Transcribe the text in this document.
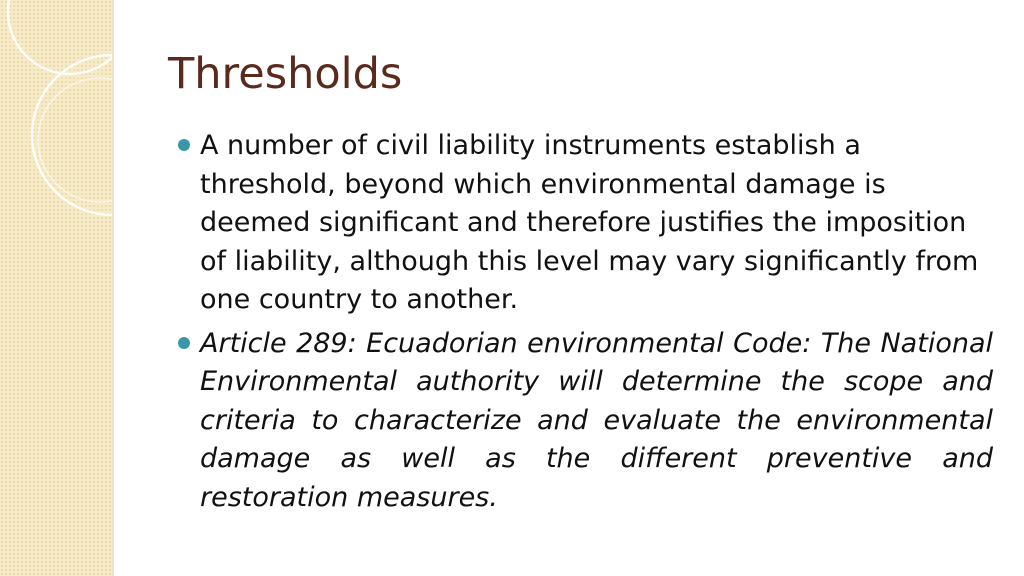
Thresholds
A number of civil liability instruments establish a threshold, beyond which environmental damage is deemed significant and therefore justifies the imposition of liability, although this level may vary significantly from one country to another.
Article 289: Ecuadorian environmental Code: The National Environmental authority will determine the scope and criteria to characterize and evaluate the environmental damage as well as the different preventive and restoration measures.
